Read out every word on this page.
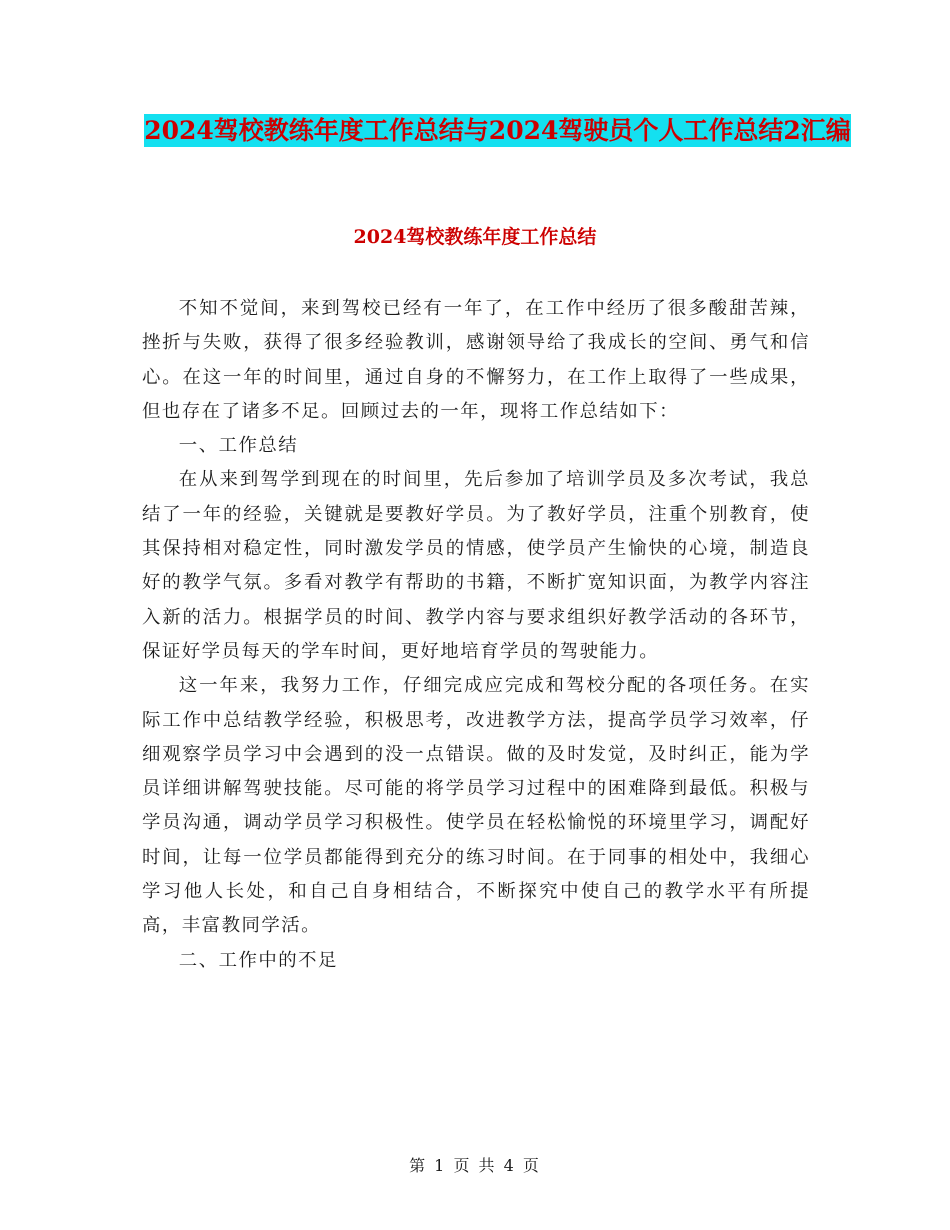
2024驾校教练年度工作总结与2024驾驶员个人工作总结2汇编
2024驾校教练年度工作总结

不知不觉间，来到驾校已经有一年了，在工作中经历了很多酸甜苦辣，挫折与失败，获得了很多经验教训，感谢领导给了我成长的空间、勇气和信心。在这一年的时间里，通过自身的不懈努力，在工作上取得了一些成果，但也存在了诸多不足。回顾过去的一年，现将工作总结如下：

一、工作总结

在从来到驾学到现在的时间里，先后参加了培训学员及多次考试，我总结了一年的经验，关键就是要教好学员。为了教好学员，注重个别教育，使其保持相对稳定性，同时激发学员的情感，使学员产生愉快的心境，制造良好的教学气氛。多看对教学有帮助的书籍，不断扩宽知识面，为教学内容注入新的活力。根据学员的时间、教学内容与要求组织好教学活动的各环节，保证好学员每天的学车时间，更好地培育学员的驾驶能力。

这一年来，我努力工作，仔细完成应完成和驾校分配的各项任务。在实际工作中总结教学经验，积极思考，改进教学方法，提高学员学习效率，仔细观察学员学习中会遇到的没一点错误。做的及时发觉，及时纠正，能为学员详细讲解驾驶技能。尽可能的将学员学习过程中的困难降到最低。积极与学员沟通，调动学员学习积极性。使学员在轻松愉悦的环境里学习，调配好时间，让每一位学员都能得到充分的练习时间。在于同事的相处中，我细心学习他人长处，和自己自身相结合，不断探究中使自己的教学水平有所提高，丰富教同学活。

二、工作中的不足

第 1 页 共 4 页
